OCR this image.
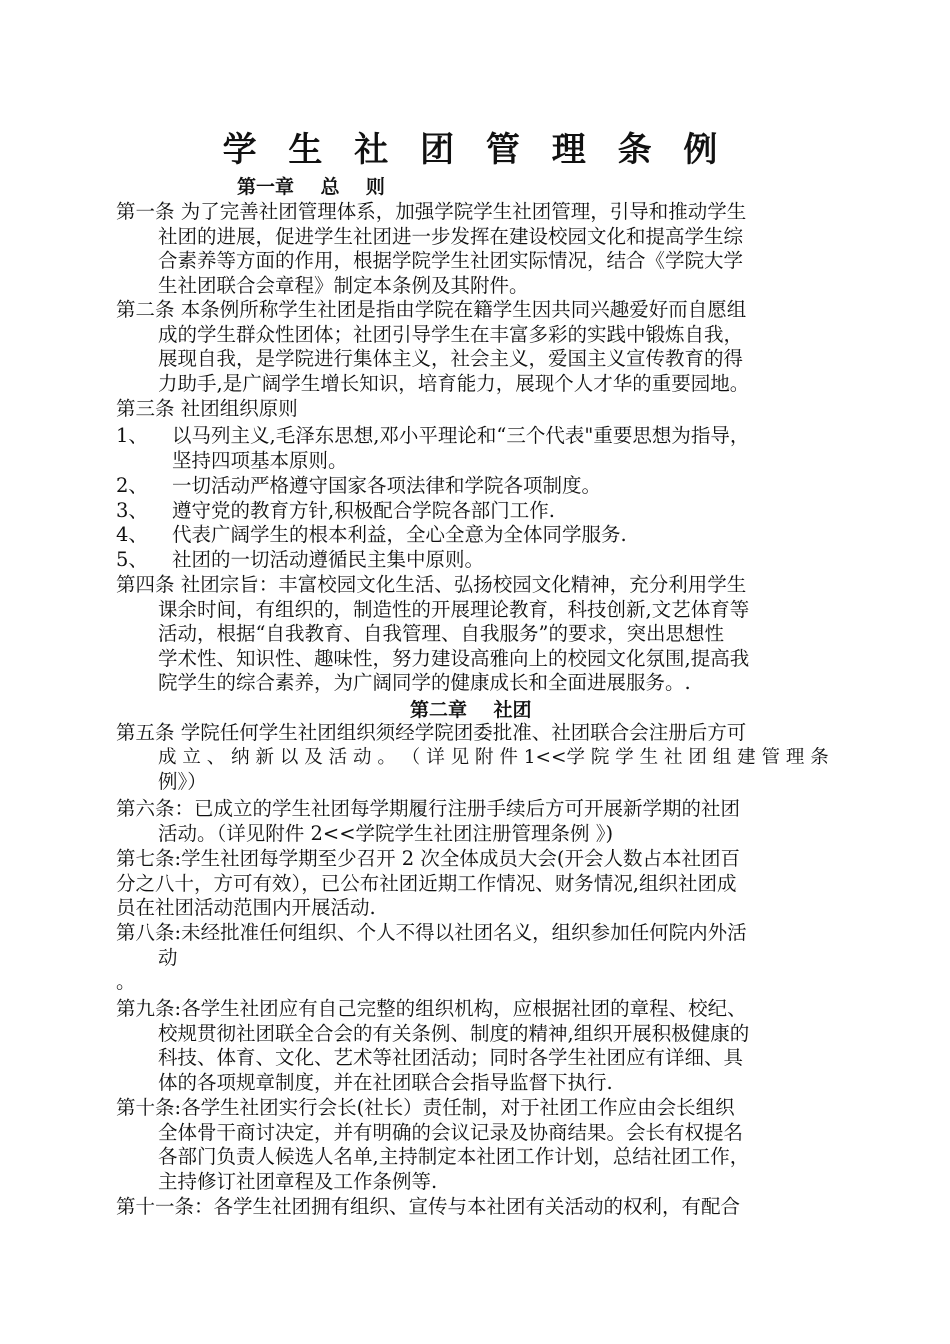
学 生 社 团 管 理 条 例
第一章    总    则
第一条 为了完善社团管理体系，加强学院学生社团管理，引导和推动学生
社团的进展，促进学生社团进一步发挥在建设校园文化和提高学生综
合素养等方面的作用，根据学院学生社团实际情况，结合《学院大学
生社团联合会章程》制定本条例及其附件。
第二条 本条例所称学生社团是指由学院在籍学生因共同兴趣爱好而自愿组
成的学生群众性团体；社团引导学生在丰富多彩的实践中锻炼自我，
展现自我，是学院进行集体主义，社会主义，爱国主义宣传教育的得
力助手,是广阔学生增长知识，培育能力，展现个人才华的重要园地。
第三条 社团组织原则
1、 以马列主义,毛泽东思想,邓小平理论和“三个代表"重要思想为指导，
坚持四项基本原则。
2、 一切活动严格遵守国家各项法律和学院各项制度。
3、 遵守党的教育方针,积极配合学院各部门工作.
4、 代表广阔学生的根本利益，全心全意为全体同学服务.
5、 社团的一切活动遵循民主集中原则。
第四条 社团宗旨：丰富校园文化生活、弘扬校园文化精神，充分利用学生
课余时间，有组织的，制造性的开展理论教育，科技创新,文艺体育等
活动，根据“自我教育、自我管理、自我服务”的要求，突出思想性
学术性、知识性、趣味性，努力建设高雅向上的校园文化氛围,提高我
院学生的综合素养，为广阔同学的健康成长和全面进展服务。.
第二章    社团
第五条 学院任何学生社团组织须经学院团委批准、社团联合会注册后方可
成 立 、 纳 新 以 及 活 动 。 （ 详 见 附 件 1<<学 院 学 生 社 团 组 建 管 理 条
例》）
第六条：已成立的学生社团每学期履行注册手续后方可开展新学期的社团
活动。（详见附件 2<<学院学生社团注册管理条例 》)
第七条:学生社团每学期至少召开 2 次全体成员大会(开会人数占本社团百
分之八十，方可有效），已公布社团近期工作情况、财务情况,组织社团成
员在社团活动范围内开展活动.
第八条:未经批准任何组织、个人不得以社团名义，组织参加任何院内外活
动
。
第九条:各学生社团应有自己完整的组织机构，应根据社团的章程、校纪、
校规贯彻社团联全合会的有关条例、制度的精神,组织开展积极健康的
科技、体育、文化、艺术等社团活动；同时各学生社团应有详细、具
体的各项规章制度，并在社团联合会指导监督下执行.
第十条:各学生社团实行会长(社长）责任制，对于社团工作应由会长组织
全体骨干商讨决定，并有明确的会议记录及协商结果。会长有权提名
各部门负责人候选人名单,主持制定本社团工作计划，总结社团工作，
主持修订社团章程及工作条例等.
第十一条：各学生社团拥有组织、宣传与本社团有关活动的权利，有配合
